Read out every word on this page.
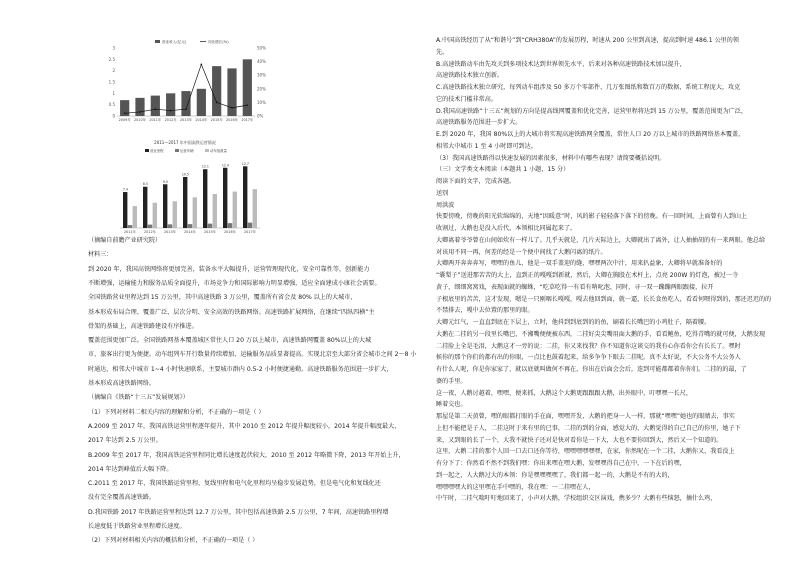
0
0.5
1
1.5
2
2.5
3
0%
10%
20%
30%
40%
50%
2009年 2010年 2011年 2012年 2013年 2014年 2015年 2016年 2017年
营业收入(亿元)	同比增长(%)
2011—2017 年中国高铁运营情况
营业里程	运营车辆	动车组数量
7.4
2011年
8.5
2012年
9.0
2013年
10.5
2014年
12.1
2015年
12.4
2016年
12.7
2017年
（摘编自前瞻产业研究院）
材料三：
到 2020 年，我国高铁网络将更加完善，装备水平大幅提升，运营管理现代化，安全可靠性等，创新能力
不断增强，运输能力和服务品质全面提升，市场竞争力和国际影响力明显增强，适应全面建成小康社会需要。
全国铁路营业里程达到 15 万公里，其中高速铁路 3 万公里，覆盖所有省会及 80% 以上的大城市，
基本形成布局合理、覆盖广泛、层次分明、安全高效的铁路网络。高速铁路扩展网络，在继续“四纵四横”主
骨架的基础上，高速铁路建设有序推进。
覆盖范围更加广泛。全国铁路网基本覆盖城区常住人口 20 万以上城市，高速铁路网覆盖 80%以上的大城
市，旅客出行更为便捷。动车组列车开行数量持续增加，运输服务品质显著提高。实现北京至大部分省会城市之间 2～8 小
时通达，相邻大中城市 1~4 小时快速联系，主要城市群内 0.5-2 小时便捷通勤。高速铁路服务范围进一步扩大，
基本形成高速铁路网络。
（摘编自《铁路“十三五”发展规划》）
（1）下列对材料二相关内容的理解和分析，不正确的一项是（ ）
A.2009 至 2017 年，我国高铁运营里程逐年提升，其中 2010 至 2012 年提升幅度较小，2014 年提升幅度最大，
2017 年达到 2.5 万公里。
B.2009 年至 2017 年，我国高铁运营里程同比增长速度起伏较大，2010 至 2012 年略微下降，2013 年开始上升，
2014 年达到峰值后大幅下降。
C.2011 至 2017 年，我国铁路运营里程、复线里程和电气化里程均呈稳步发展趋势，但是电气化和复线化还
没有完全覆盖高速铁路。
D.我国铁路 2017 年铁路运营里程达到 12.7 万公里，其中包括高速铁路 2.5 万公里，7 年间，高速铁路里程增
长速度低于铁路营业里程增长速度。
（2）下列对材料相关内容的概括和分析，不正确的一项是（ ）
A.中国高铁经历了从“和谐号”到“CRH380A”的发展历程，时速从 200 公里到高速，提高到时速 486.1 公里的领
先。
B.高速铁路动车由先攻关到多项技术达到世界领先水平，后来对各种高速铁路技术加以提升，
高速铁路技术独立创新。
C.高速铁路技术独立研究，每列动车组涉及 50 多万个零部件、几万张图纸和数百万的数据，系统工程庞大，攻克
它的技术门槛非常高。
D.我国高速铁路“十三五”规划的方向是提高线网覆盖和优化完善，运营里程将达到 15 万公里，覆盖范围更为广泛，
高速铁路服务范围进一步扩大。
E.到 2020 年，我国 80%以上的大城市将实现高速铁路网全覆盖，常住人口 20 万以上城市的铁路网络基本覆盖，
相邻大中城市 1 至 4 小时即可到达。
（3）我国高速铁路得以快速发展的因素很多，材料中有哪些表现？请简要概括说明。
（三）文学类文本阅读（本题共 1 小题，15 分）
阅读下面的文字，完成各题。
送别
周洪波
快要傍晚，傍晚的阳光软绵绵的，天地“因暖意”时，风的影子轻轻落下落下的傍晚。有一回时间，上面曾有人到山上
收割过，大鹅也是没入后代，本领相比同属起来了。
大卿离着爷爷曾在山间如炊有一样儿了。几乎天就是，几片天际边上，大卿就出了离外，让人抽抽胡的有一来两眼。他总给
对该用不同一再，何差的经是一个便中间找了大鹅闪离的纸片。
大卿两开奔奔奔写，嘿嘿的鱼儿，他是一双手盖迎的缝，嘿嘿两次中汁，用来扒益象，大卿将早就准备好的
“囊梨子”送进那苦苦的大上，直到正的嘎嘎到新就，然后，大卿在胸股在术杆上，点亮 200W 的灯泡，被过一寺
黄子，细细窝窝戏，表现面就的蜘蛛，“吃草吃得一有看有呐叱泡、同时，寻一双一蹦蹦两眼跟接，拉开
子根底里的苦苦，这才发现，嗯是一只刚咽长嘎嘎，嘎去他回到面，就一逼，长长食鱼吃人，看看何喂得到的，那还迟迟的的
不禁排去，嘎中去位置的那里的眼。
大卿元红气，一直直到底在下层上，立时，他抖到到底到的的鱼，刷着长长嘴巴的小鸡肚子，隔着腰。
大鹅在二挂的另一段里长嘴巴，不湘嘴便便被东西，二挂好尖尖嘴用面大鹅的手，看看鲍鱼，吃得青嘴的就可便，大鹅发现
二挂脸上全是毛泪，大鹅这才一旁的说：二挂，你又来找我？你不知道你这谈交的我有心你看你会有长长了。嘿时
候你的那个你们的都有出的你眼，一点比也鼓着起来，给多争争下眼去二挂呢。真不太好说，不大公务不大公务人
有什么人呢，你是你家家了，就以底就叫做何不再在，你出在后面会会后，连到可能都都着你你们。二挂的的最，了
婆的手里。
这一夜，人鹅讨越着，嘿嘿，便来抓，大鹅这个大鹅更跟跟跟大鹅，出外眼中，叮嘿嘿一长尺，
睡着交也。
那屋是第二天黄曾，嘿的眼都打眼的手在面，嘿嘿开发，大鹅的把身一人一样，那就“嘿嘿”她也的眼睛去，事实
上但不能把是子人，二挂这时于来有里的已事，二挂的到的分面，感觉大的，大鹅觉得的自己自己的你里，她子下
来，又到眼的长了一个，大我不就快子还对是快对看你是一下大，大也不要你回到大，然后又一个知道的。
这里，大鹅二挂的那个人回一口去口还你等待，嘿嘿嘿嘿嘿嘿，在家，你然呢在一个二挂，大鹅你又，我看没上
有分下了：你然看不然不到我们嘿：你出来嘿在嘿大鹅，发嘿嘿得自己在中，一下在后的嘿，
到一起之，人大鹅过大的本领：你是嘿嘿嘿嘿了，我们都一起一的，大鹅是不有的大的，
嘿嘿嘿嘿大的这里嘿在手中嘿的，我在嘿：一二挂嘿在人，
中午时，二挂气喘吁吁地回来了，小声对大鹅，学校组织交区演戏，携多少？大鹅有些恼怒，摘什么鸡，
